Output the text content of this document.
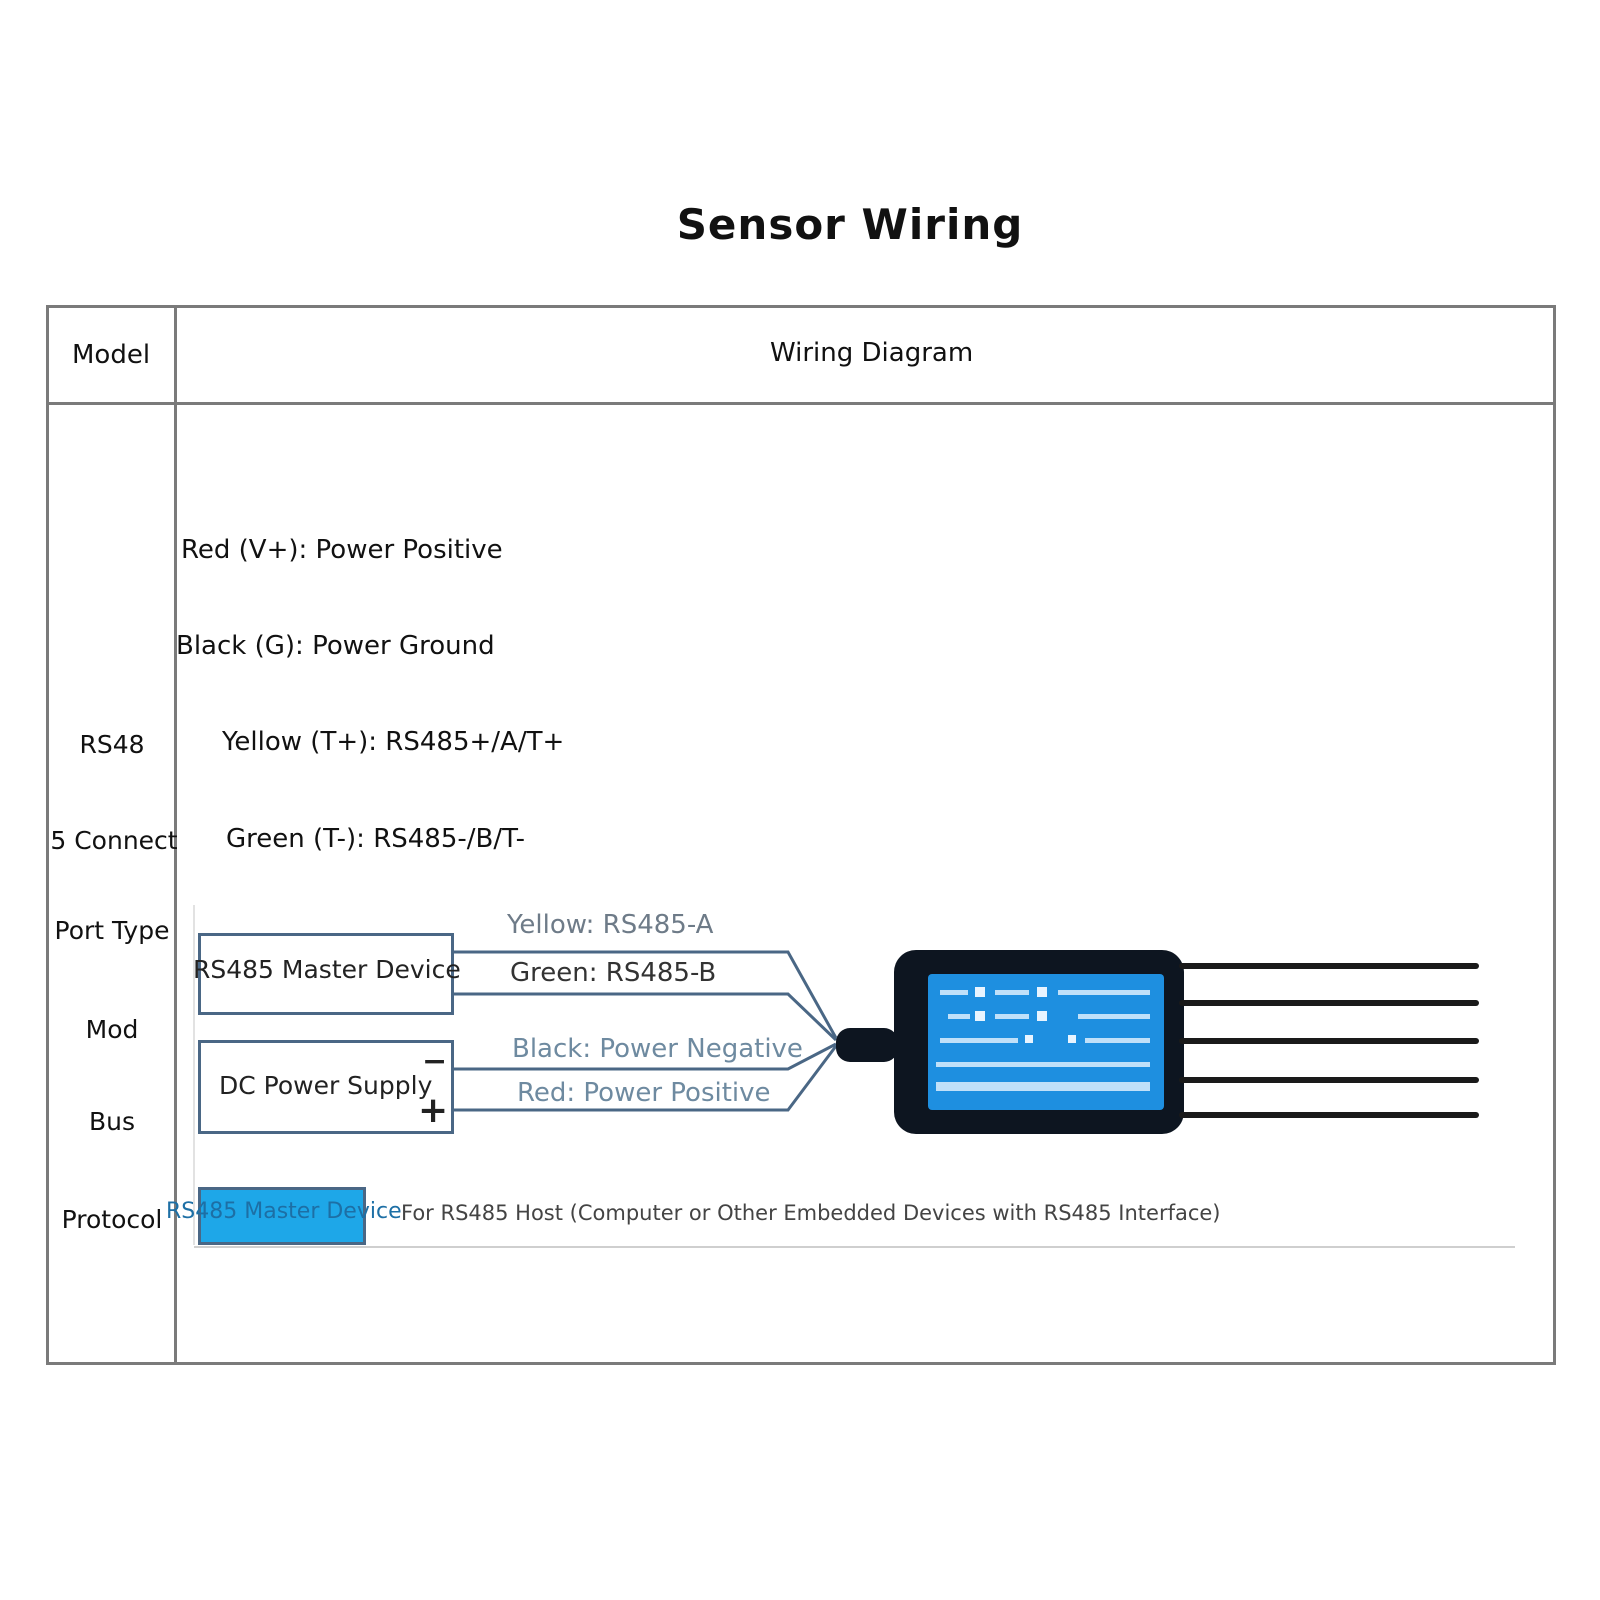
Sensor Wiring
Model	Wiring Diagram
RS48
5 Connect
Port Type
Mod
Bus
Protocol
Red (V+): Power Positive
Black (G): Power Ground
Yellow (T+): RS485+/A/T+
Green (T-): RS485-/B/T-
RS485 Master Device
DC Power Supply
−
+
Yellow: RS485-A
Green: RS485-B
Black: Power Negative
Red: Power Positive
RS485 Master Device For RS485 Host (Computer or Other Embedded Devices with RS485 Interface)
